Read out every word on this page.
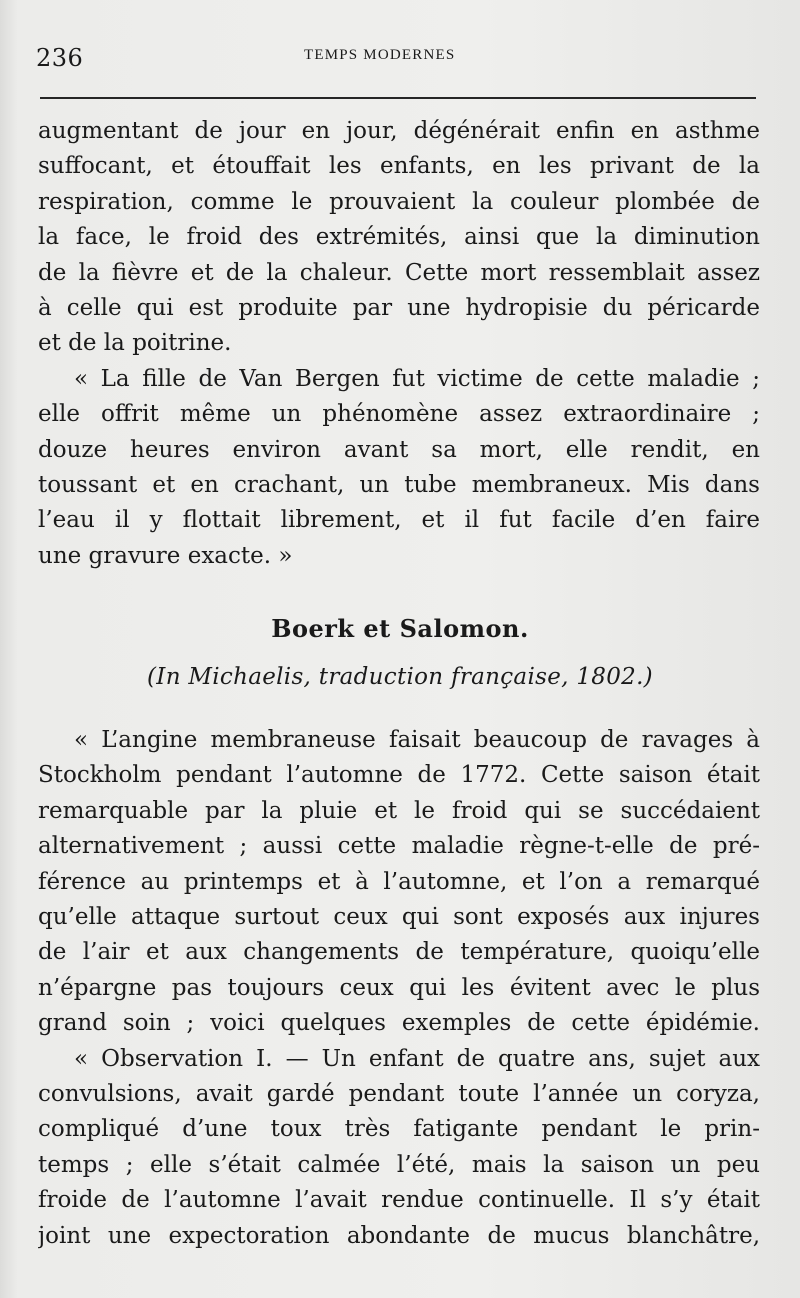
236	TEMPS MODERNES
augmentant de jour en jour, dégénérait enfin en asthme
suffocant, et étouffait les enfants, en les privant de la
respiration, comme le prouvaient la couleur plombée de
la face, le froid des extrémités, ainsi que la diminution
de la fièvre et de la chaleur. Cette mort ressemblait assez
à celle qui est produite par une hydropisie du péricarde
et de la poitrine.
« La fille de Van Bergen fut victime de cette maladie ;
elle offrit même un phénomène assez extraordinaire ;
douze heures environ avant sa mort, elle rendit, en
toussant et en crachant, un tube membraneux. Mis dans
l’eau il y flottait librement, et il fut facile d’en faire
une gravure exacte. »
Boerk et Salomon.
(In Michaelis, traduction française, 1802.)
« L’angine membraneuse faisait beaucoup de ravages à
Stockholm pendant l’automne de 1772. Cette saison était
remarquable par la pluie et le froid qui se succédaient
alternativement ; aussi cette maladie règne-t-elle de pré-
férence au printemps et à l’automne, et l’on a remarqué
qu’elle attaque surtout ceux qui sont exposés aux injures
de l’air et aux changements de température, quoiqu’elle
n’épargne pas toujours ceux qui les évitent avec le plus
grand soin ; voici quelques exemples de cette épidémie.
« Observation I. — Un enfant de quatre ans, sujet aux
convulsions, avait gardé pendant toute l’année un coryza,
compliqué d’une toux très fatigante pendant le prin-
temps ; elle s’était calmée l’été, mais la saison un peu
froide de l’automne l’avait rendue continuelle. Il s’y était
joint une expectoration abondante de mucus blanchâtre,
